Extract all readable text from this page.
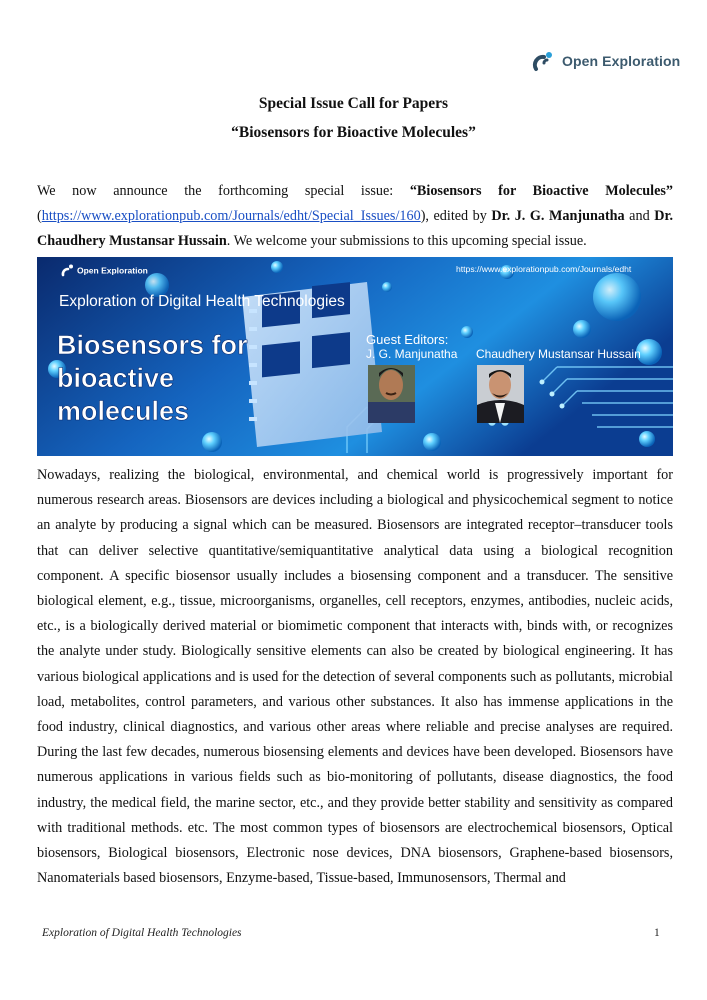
Open Exploration
Special Issue Call for Papers
“Biosensors for Bioactive Molecules”
We now announce the forthcoming special issue: “Biosensors for Bioactive Molecules” (https://www.explorationpub.com/Journals/edht/Special_Issues/160), edited by Dr. J. G. Manjunatha and Dr. Chaudhery Mustansar Hussain. We welcome your submissions to this upcoming special issue.
Open Exploration	https://www.explorationpub.com/Journals/edht
Exploration of Digital Health Technologies
Biosensors for
bioactive
molecules
Guest Editors:
J. G. Manjunatha Chaudhery Mustansar Hussain
Nowadays, realizing the biological, environmental, and chemical world is progressively important for numerous research areas. Biosensors are devices including a biological and physicochemical segment to notice an analyte by producing a signal which can be measured. Biosensors are integrated receptor–transducer tools that can deliver selective quantitative/semiquantitative analytical data using a biological recognition component. A specific biosensor usually includes a biosensing component and a transducer. The sensitive biological element, e.g., tissue, microorganisms, organelles, cell receptors, enzymes, antibodies, nucleic acids, etc., is a biologically derived material or biomimetic component that interacts with, binds with, or recognizes the analyte under study. Biologically sensitive elements can also be created by biological engineering. It has various biological applications and is used for the detection of several components such as pollutants, microbial load, metabolites, control parameters, and various other substances. It also has immense applications in the food industry, clinical diagnostics, and various other areas where reliable and precise analyses are required. During the last few decades, numerous biosensing elements and devices have been developed. Biosensors have numerous applications in various fields such as bio-monitoring of pollutants, disease diagnostics, the food industry, the medical field, the marine sector, etc., and they provide better stability and sensitivity as compared with traditional methods. etc. The most common types of biosensors are electrochemical biosensors, Optical biosensors, Biological biosensors, Electronic nose devices, DNA biosensors, Graphene-based biosensors, Nanomaterials based biosensors, Enzyme-based, Tissue-based, Immunosensors, Thermal and
Exploration of Digital Health Technologies	1
